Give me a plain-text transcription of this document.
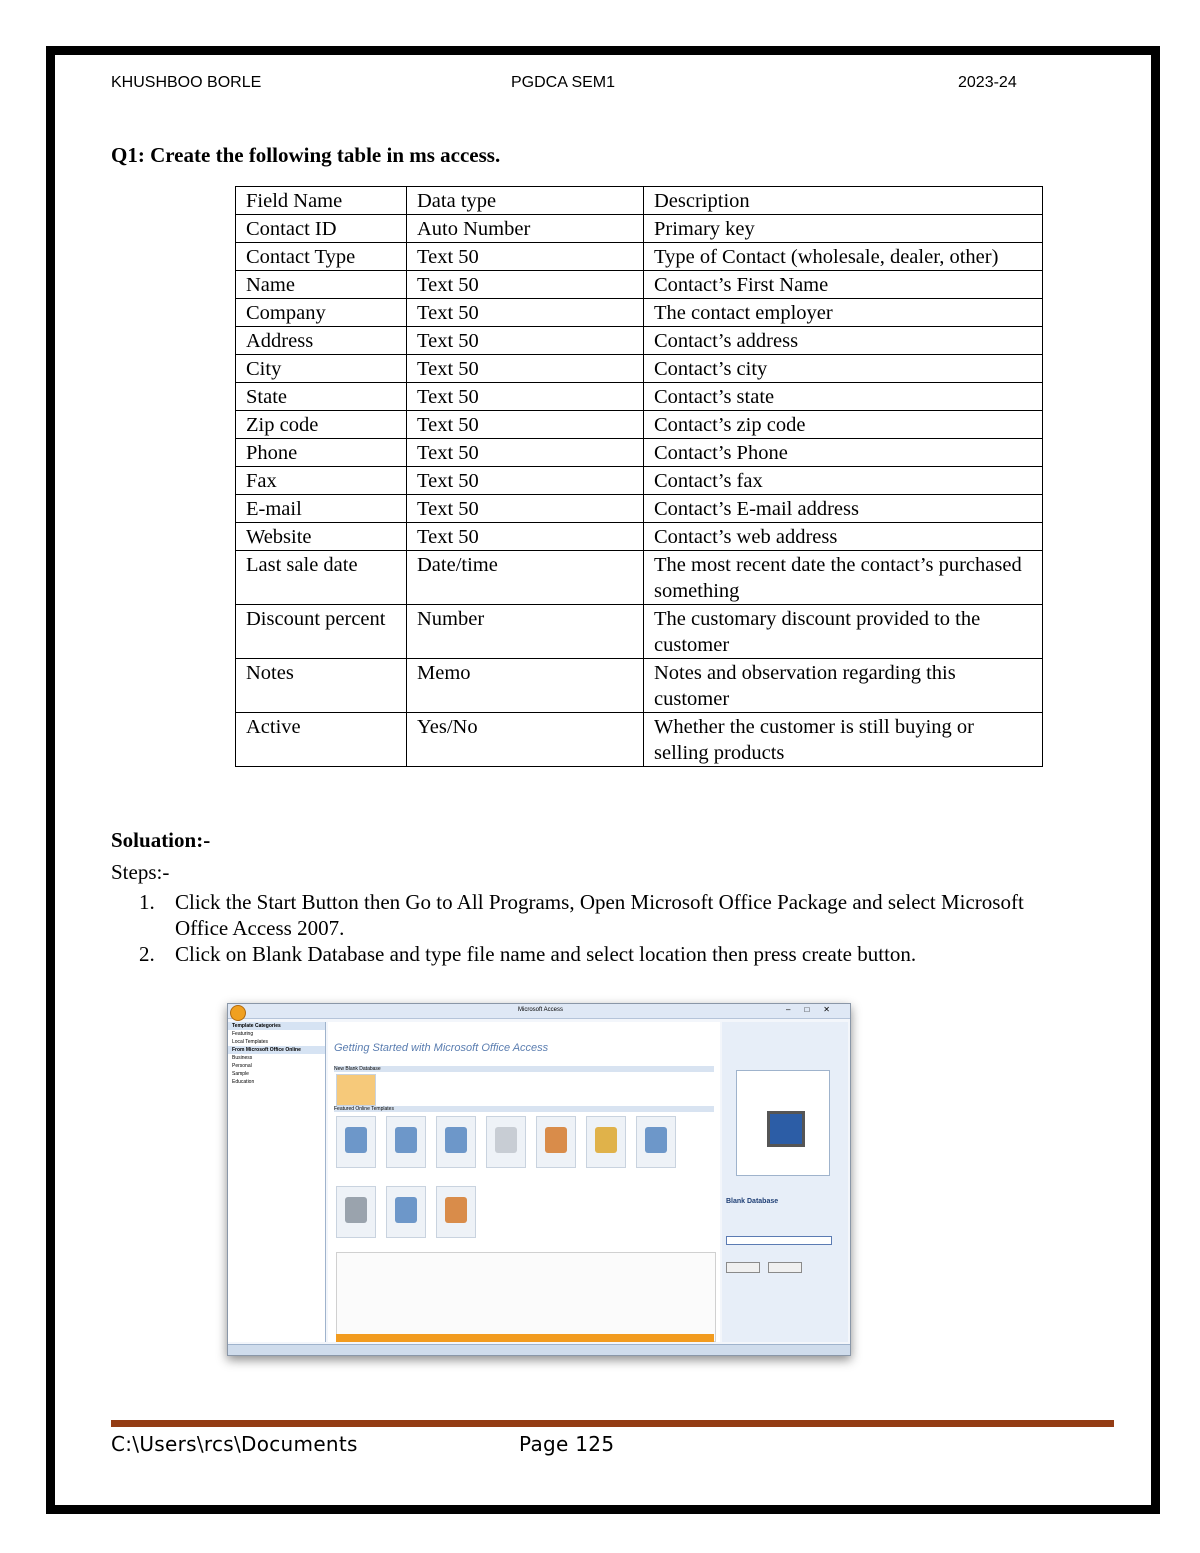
KHUSHBOO BORLE	PGDCA SEM1	2023-24
Q1: Create the following table in ms access.
Field Name	Data type	Description
Contact ID	Auto Number	Primary key
Contact Type	Text 50	Type of Contact (wholesale, dealer, other)
Name	Text 50	Contact’s First Name
Company	Text 50	The contact employer
Address	Text 50	Contact’s address
City	Text 50	Contact’s city
State	Text 50	Contact’s state
Zip code	Text 50	Contact’s zip code
Phone	Text 50	Contact’s Phone
Fax	Text 50	Contact’s fax
E-mail	Text 50	Contact’s E-mail address
Website	Text 50	Contact’s web address
Last sale date	Date/time	The most recent date the contact’s purchased something
Discount percent	Number	The customary discount provided to the customer
Notes	Memo	Notes and observation regarding this customer
Active	Yes/No	Whether the customer is still buying or selling products
Soluation:-
Steps:-
1. Click the Start Button then Go to All Programs, Open Microsoft Office Package and select Microsoft Office Access 2007.
2. Click on Blank Database and type file name and select location then press create button.
Microsoft Access	–□✕
Template Categories
Featuring
Local Templates
From Microsoft Office Online
Business
Personal
Sample
Education
Getting Started with Microsoft Office Access
New Blank Database
Featured Online Templates
Blank Database
C:\Users\rcs\Documents	Page 125
